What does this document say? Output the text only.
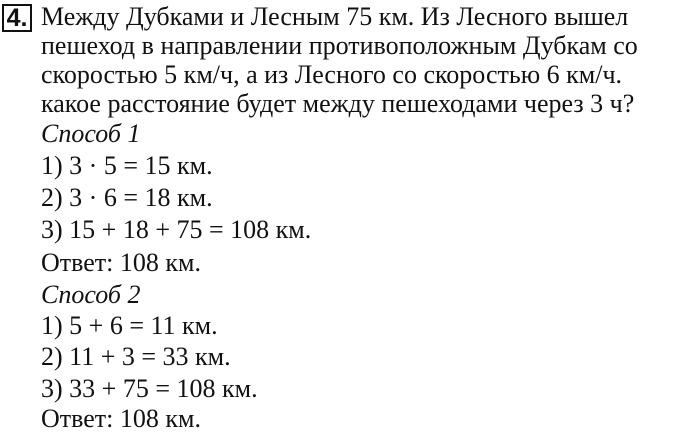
4. Между Дубками и Лесным 75 км. Из Лесного вышел
пешеход в направлении противоположным Дубкам со
скоростью 5 км/ч, а из Лесного со скоростью 6 км/ч.
какое расстояние будет между пешеходами через 3 ч?
Способ 1
1) 3 · 5 = 15 км.
2) 3 · 6 = 18 км.
3) 15 + 18 + 75 = 108 км.
Ответ: 108 км.
Способ 2
1) 5 + 6 = 11 км.
2) 11 + 3 = 33 км.
3) 33 + 75 = 108 км.
Ответ: 108 км.
